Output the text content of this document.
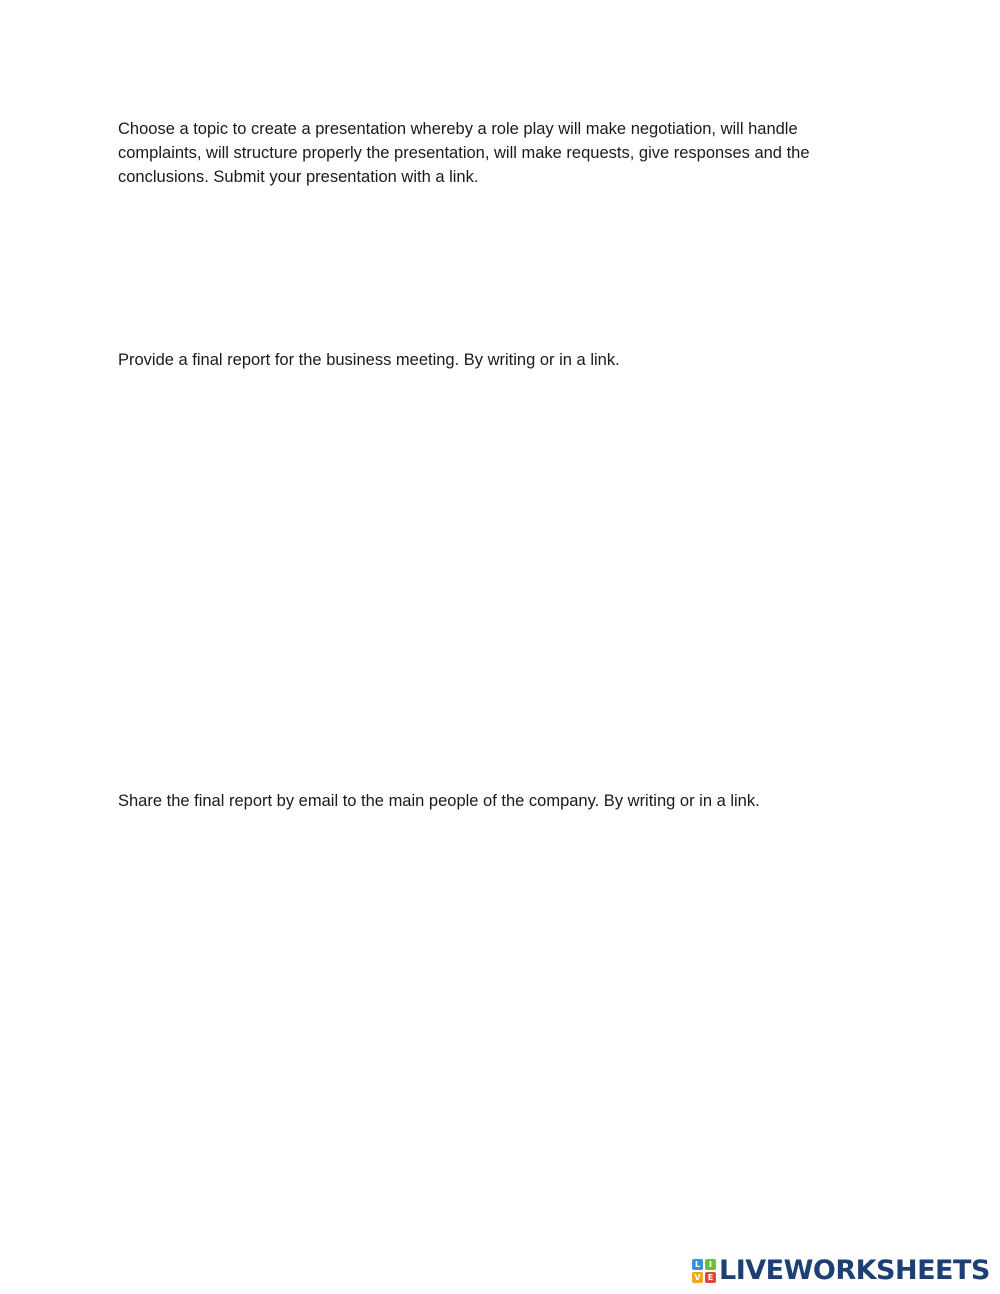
Choose a topic to create a presentation whereby a role play will make negotiation, will handle complaints, will structure properly the presentation, will make requests, give responses and the conclusions. Submit your presentation with a link.

Provide a final report for the business meeting. By writing or in a link.

Share the final report by email to the main people of the company. By writing or in a link.

L	I
V E LIVEWORKSHEETS
